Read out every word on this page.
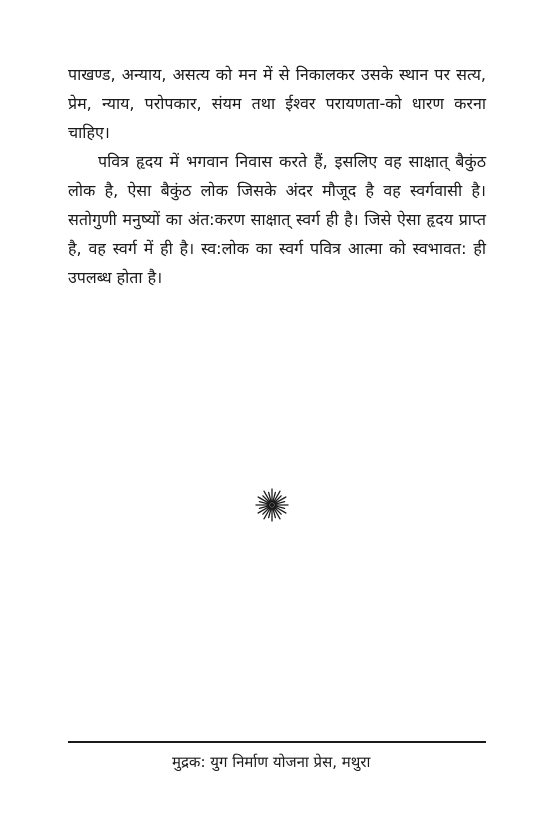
पाखण्ड, अन्याय, असत्य को मन में से निकालकर उसके स्थान पर सत्य, प्रेम, न्याय, परोपकार, संयम तथा ईश्वर परायणता-को धारण करना चाहिए।

पवित्र हृदय में भगवान निवास करते हैं, इसलिए वह साक्षात् बैकुंठ लोक है, ऐसा बैकुंठ लोक जिसके अंदर मौजूद है वह स्वर्गवासी है। सतोगुणी मनुष्यों का अंत:करण साक्षात् स्वर्ग ही है। जिसे ऐसा हृदय प्राप्त है, वह स्वर्ग में ही है। स्व:लोक का स्वर्ग पवित्र आत्मा को स्वभावत: ही उपलब्ध होता है।

मुद्रक: युग निर्माण योजना प्रेस, मथुरा
